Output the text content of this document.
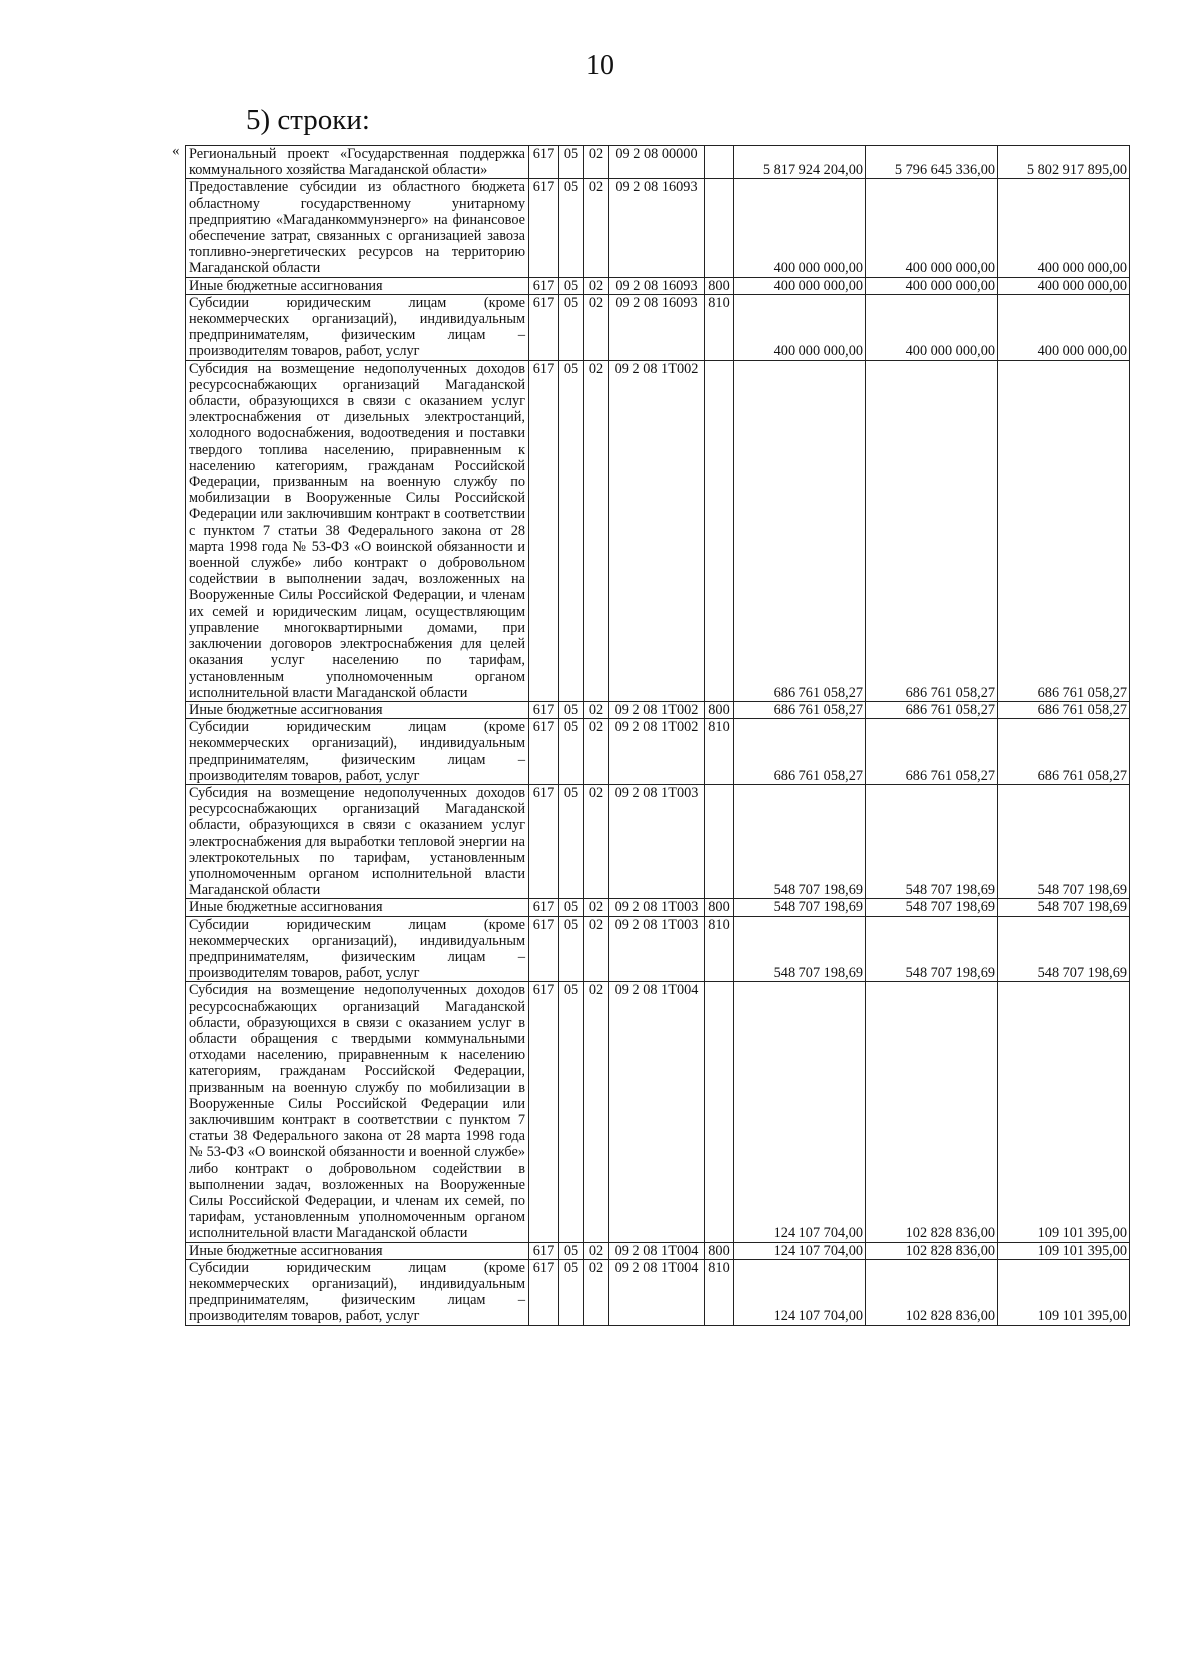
10
5) строки:
« Региональный проект «Государственная поддержка коммунального хозяйства Магаданской области»	617	05	02	09 2 08 00000		5 817 924 204,00	5 796 645 336,00	5 802 917 895,00
Предоставление субсидии из областного бюджета областному государственному унитарному предприятию «Магаданкоммунэнерго» на финансовое обеспечение затрат, связанных с организацией завоза топливно-энергетических ресурсов на территорию Магаданской области	617	05	02	09 2 08 16093		400 000 000,00	400 000 000,00	400 000 000,00
Иные бюджетные ассигнования	617	05	02	09 2 08 16093	800	400 000 000,00	400 000 000,00	400 000 000,00
Субсидии юридическим лицам (кроме некоммерческих организаций), индивидуальным предпринимателям, физическим лицам – производителям товаров, работ, услуг	617	05	02	09 2 08 16093	810	400 000 000,00	400 000 000,00	400 000 000,00
Субсидия на возмещение недополученных доходов ресурсоснабжающих организаций Магаданской области, образующихся в связи с оказанием услуг электроснабжения от дизельных электростанций, холодного водоснабжения, водоотведения и поставки твердого топлива населению, приравненным к населению категориям, гражданам Российской Федерации, призванным на военную службу по мобилизации в Вооруженные Силы Российской Федерации или заключившим контракт в соответствии с пунктом 7 статьи 38 Федерального закона от 28 марта 1998 года № 53-ФЗ «О воинской обязанности и военной службе» либо контракт о добровольном содействии в выполнении задач, возложенных на Вооруженные Силы Российской Федерации, и членам их семей и юридическим лицам, осуществляющим управление многоквартирными домами, при заключении договоров электроснабжения для целей оказания услуг населению по тарифам, установленным уполномоченным органом исполнительной власти Магаданской области	617	05	02	09 2 08 1Т002		686 761 058,27	686 761 058,27	686 761 058,27
Иные бюджетные ассигнования	617	05	02	09 2 08 1Т002	800	686 761 058,27	686 761 058,27	686 761 058,27
Субсидии юридическим лицам (кроме некоммерческих организаций), индивидуальным предпринимателям, физическим лицам – производителям товаров, работ, услуг	617	05	02	09 2 08 1Т002	810	686 761 058,27	686 761 058,27	686 761 058,27
Субсидия на возмещение недополученных доходов ресурсоснабжающих организаций Магаданской области, образующихся в связи с оказанием услуг электроснабжения для выработки тепловой энергии на электрокотельных по тарифам, установленным уполномоченным органом исполнительной власти Магаданской области	617	05	02	09 2 08 1Т003		548 707 198,69	548 707 198,69	548 707 198,69
Иные бюджетные ассигнования	617	05	02	09 2 08 1Т003	800	548 707 198,69	548 707 198,69	548 707 198,69
Субсидии юридическим лицам (кроме некоммерческих организаций), индивидуальным предпринимателям, физическим лицам – производителям товаров, работ, услуг	617	05	02	09 2 08 1Т003	810	548 707 198,69	548 707 198,69	548 707 198,69
Субсидия на возмещение недополученных доходов ресурсоснабжающих организаций Магаданской области, образующихся в связи с оказанием услуг в области обращения с твердыми коммунальными отходами населению, приравненным к населению категориям, гражданам Российской Федерации, призванным на военную службу по мобилизации в Вооруженные Силы Российской Федерации или заключившим контракт в соответствии с пунктом 7 статьи 38 Федерального закона от 28 марта 1998 года № 53-ФЗ «О воинской обязанности и военной службе» либо контракт о добровольном содействии в выполнении задач, возложенных на Вооруженные Силы Российской Федерации, и членам их семей, по тарифам, установленным уполномоченным органом исполнительной власти Магаданской области	617	05	02	09 2 08 1Т004		124 107 704,00	102 828 836,00	109 101 395,00
Иные бюджетные ассигнования	617	05	02	09 2 08 1Т004	800	124 107 704,00	102 828 836,00	109 101 395,00
Субсидии юридическим лицам (кроме некоммерческих организаций), индивидуальным предпринимателям, физическим лицам – производителям товаров, работ, услуг	617	05	02	09 2 08 1Т004	810	124 107 704,00	102 828 836,00	109 101 395,00
